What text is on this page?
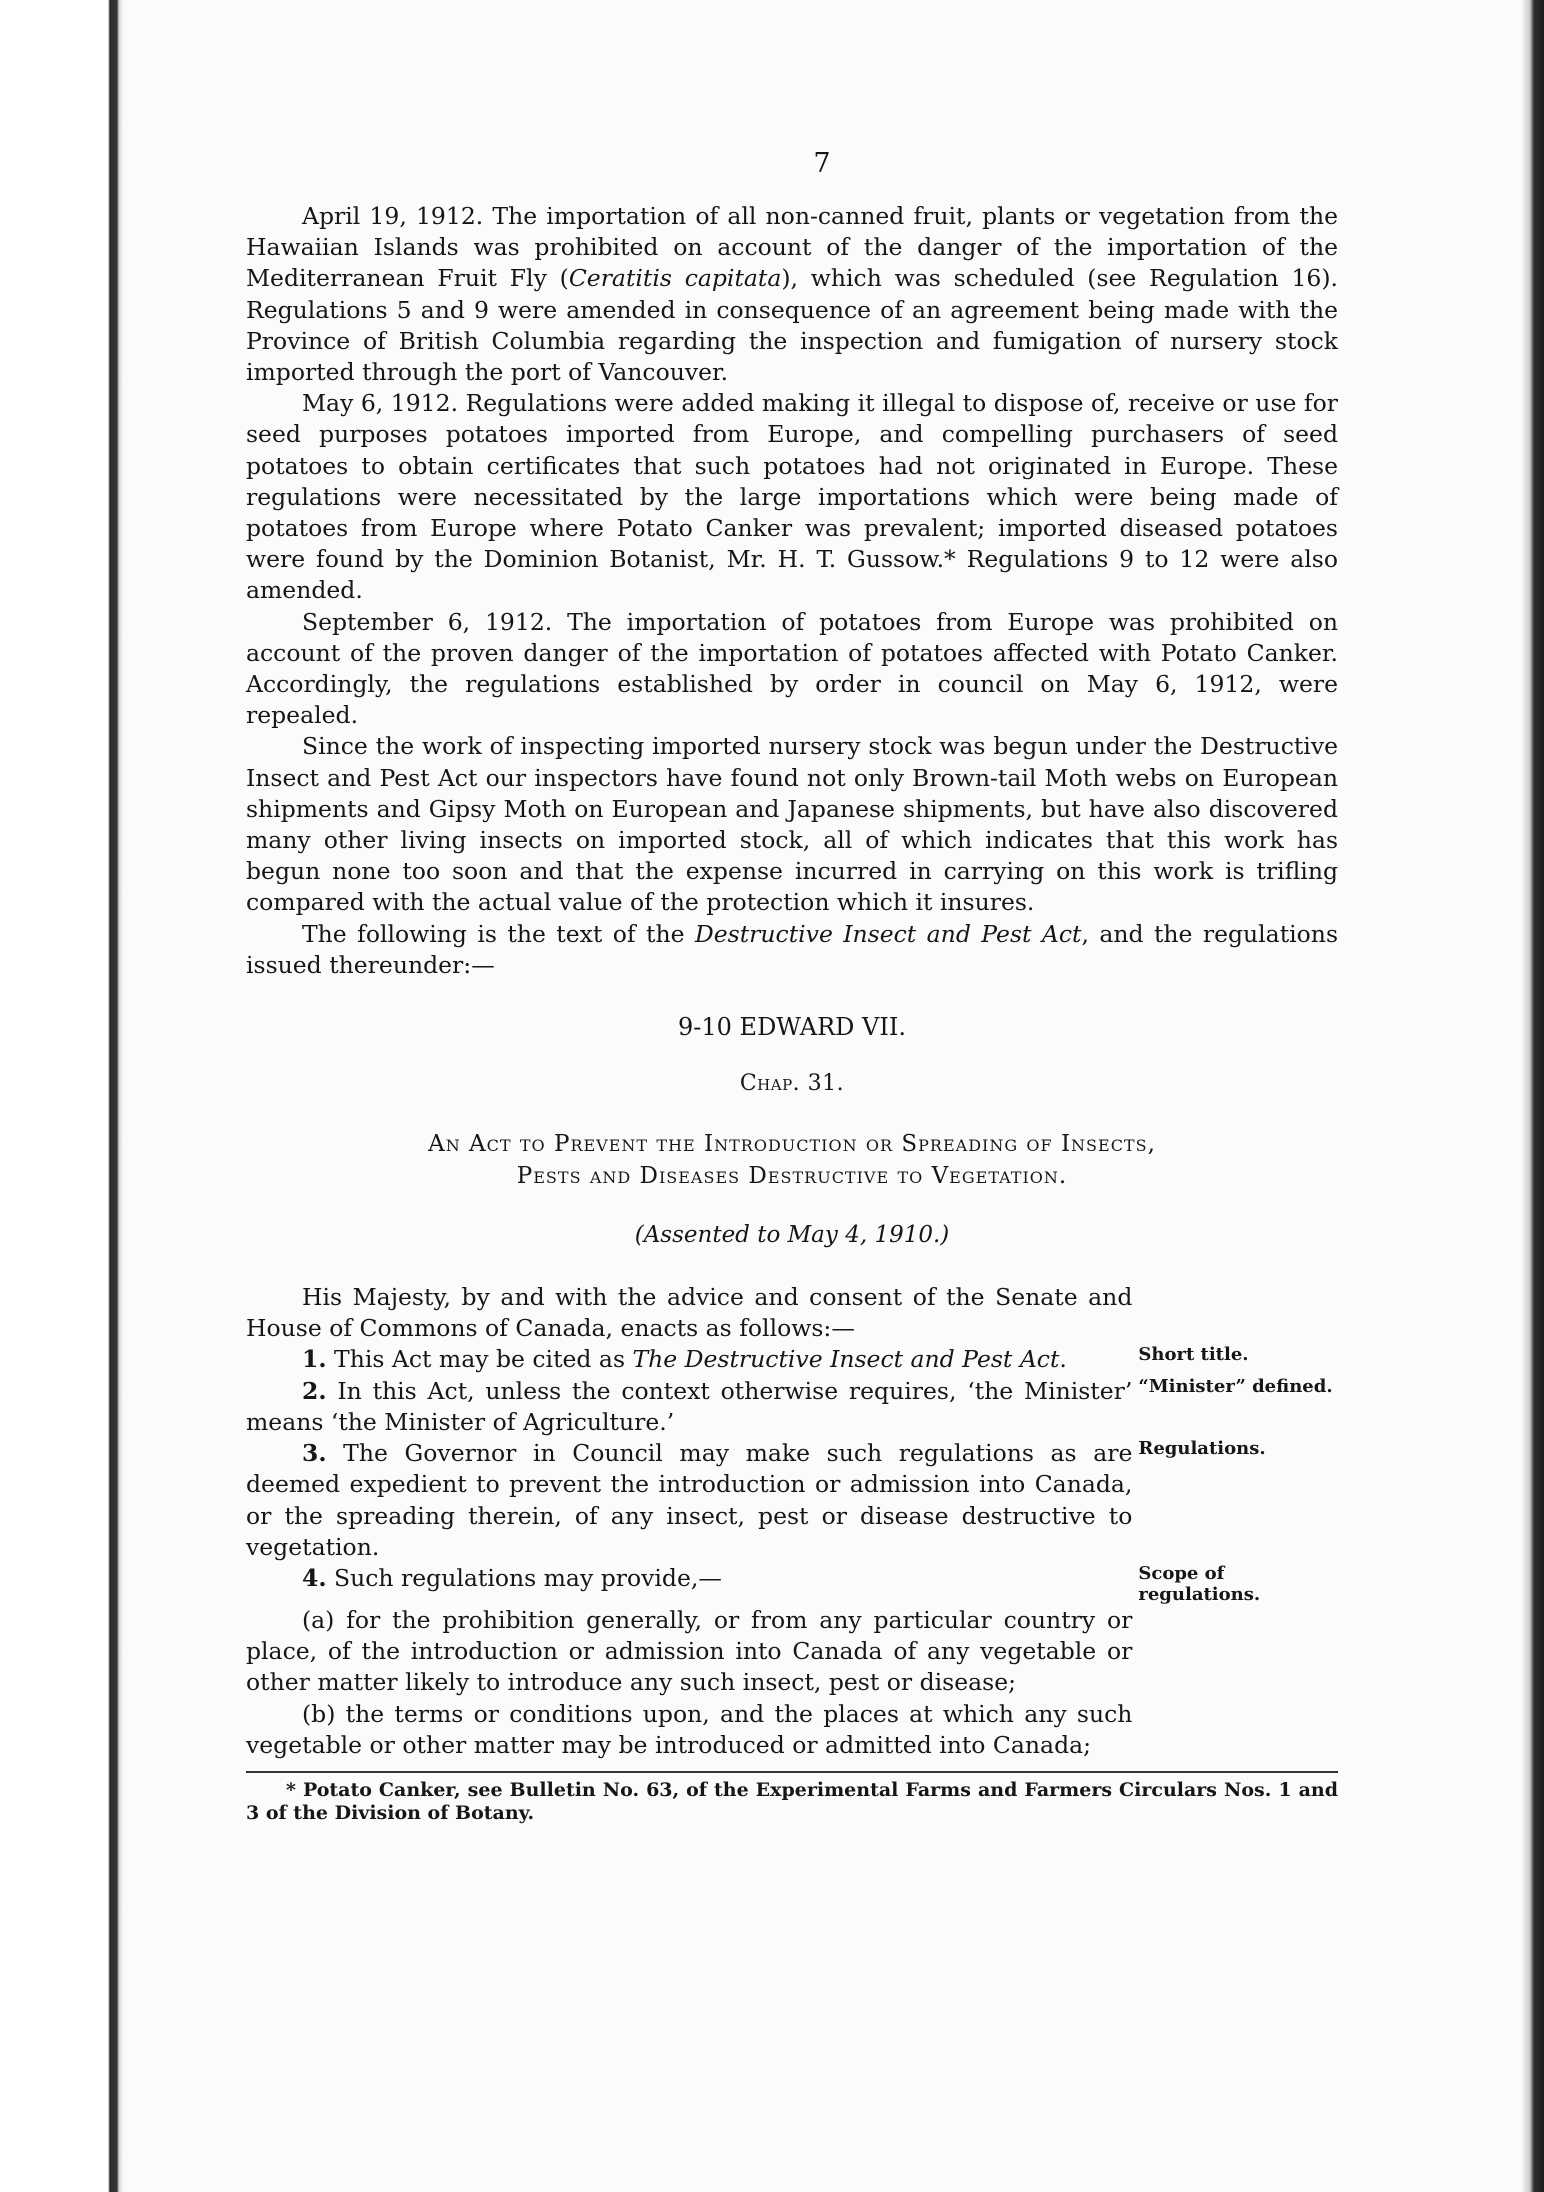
7

April 19, 1912. The importation of all non-canned fruit, plants or vegetation from the Hawaiian Islands was prohibited on account of the danger of the importation of the Mediterranean Fruit Fly (Ceratitis capitata), which was scheduled (see Regulation 16). Regulations 5 and 9 were amended in consequence of an agreement being made with the Province of British Columbia regarding the inspection and fumigation of nursery stock imported through the port of Vancouver.

May 6, 1912. Regulations were added making it illegal to dispose of, receive or use for seed purposes potatoes imported from Europe, and compelling purchasers of seed potatoes to obtain certificates that such potatoes had not originated in Europe. These regulations were necessitated by the large importations which were being made of potatoes from Europe where Potato Canker was prevalent; imported diseased potatoes were found by the Dominion Botanist, Mr. H. T. Gussow.* Regulations 9 to 12 were also amended.

September 6, 1912. The importation of potatoes from Europe was prohibited on account of the proven danger of the importation of potatoes affected with Potato Canker. Accordingly, the regulations established by order in council on May 6, 1912, were repealed.

Since the work of inspecting imported nursery stock was begun under the Destructive Insect and Pest Act our inspectors have found not only Brown-tail Moth webs on European shipments and Gipsy Moth on European and Japanese shipments, but have also discovered many other living insects on imported stock, all of which indicates that this work has begun none too soon and that the expense incurred in carrying on this work is trifling compared with the actual value of the protection which it insures.

The following is the text of the Destructive Insect and Pest Act, and the regulations issued thereunder:—

9-10 EDWARD VII.
Chap. 31.
An Act to Prevent the Introduction or Spreading of Insects,
Pests and Diseases Destructive to Vegetation.
(Assented to May 4, 1910.)
His Majesty, by and with the advice and consent of the Senate and House of Commons of Canada, enacts as follows:—
1. This Act may be cited as The Destructive Insect and Pest Act.	Short title.
2. In this Act, unless the context otherwise requires, ‘the Minister’ means ‘the Minister of Agriculture.’
“Minister” defined.
3. The Governor in Council may make such regulations as are deemed expedient to prevent the introduction or admission into Canada, or the spreading therein, of any insect, pest or disease destructive to vegetation.
Regulations.
4. Such regulations may provide,—	Scope of regulations.
(a) for the prohibition generally, or from any particular country or place, of the introduction or admission into Canada of any vegetable or other matter likely to introduce any such insect, pest or disease;
(b) the terms or conditions upon, and the places at which any such vegetable or other matter may be introduced or admitted into Canada;
* Potato Canker, see Bulletin No. 63, of the Experimental Farms and Farmers Circulars Nos. 1 and 3 of the Division of Botany.
